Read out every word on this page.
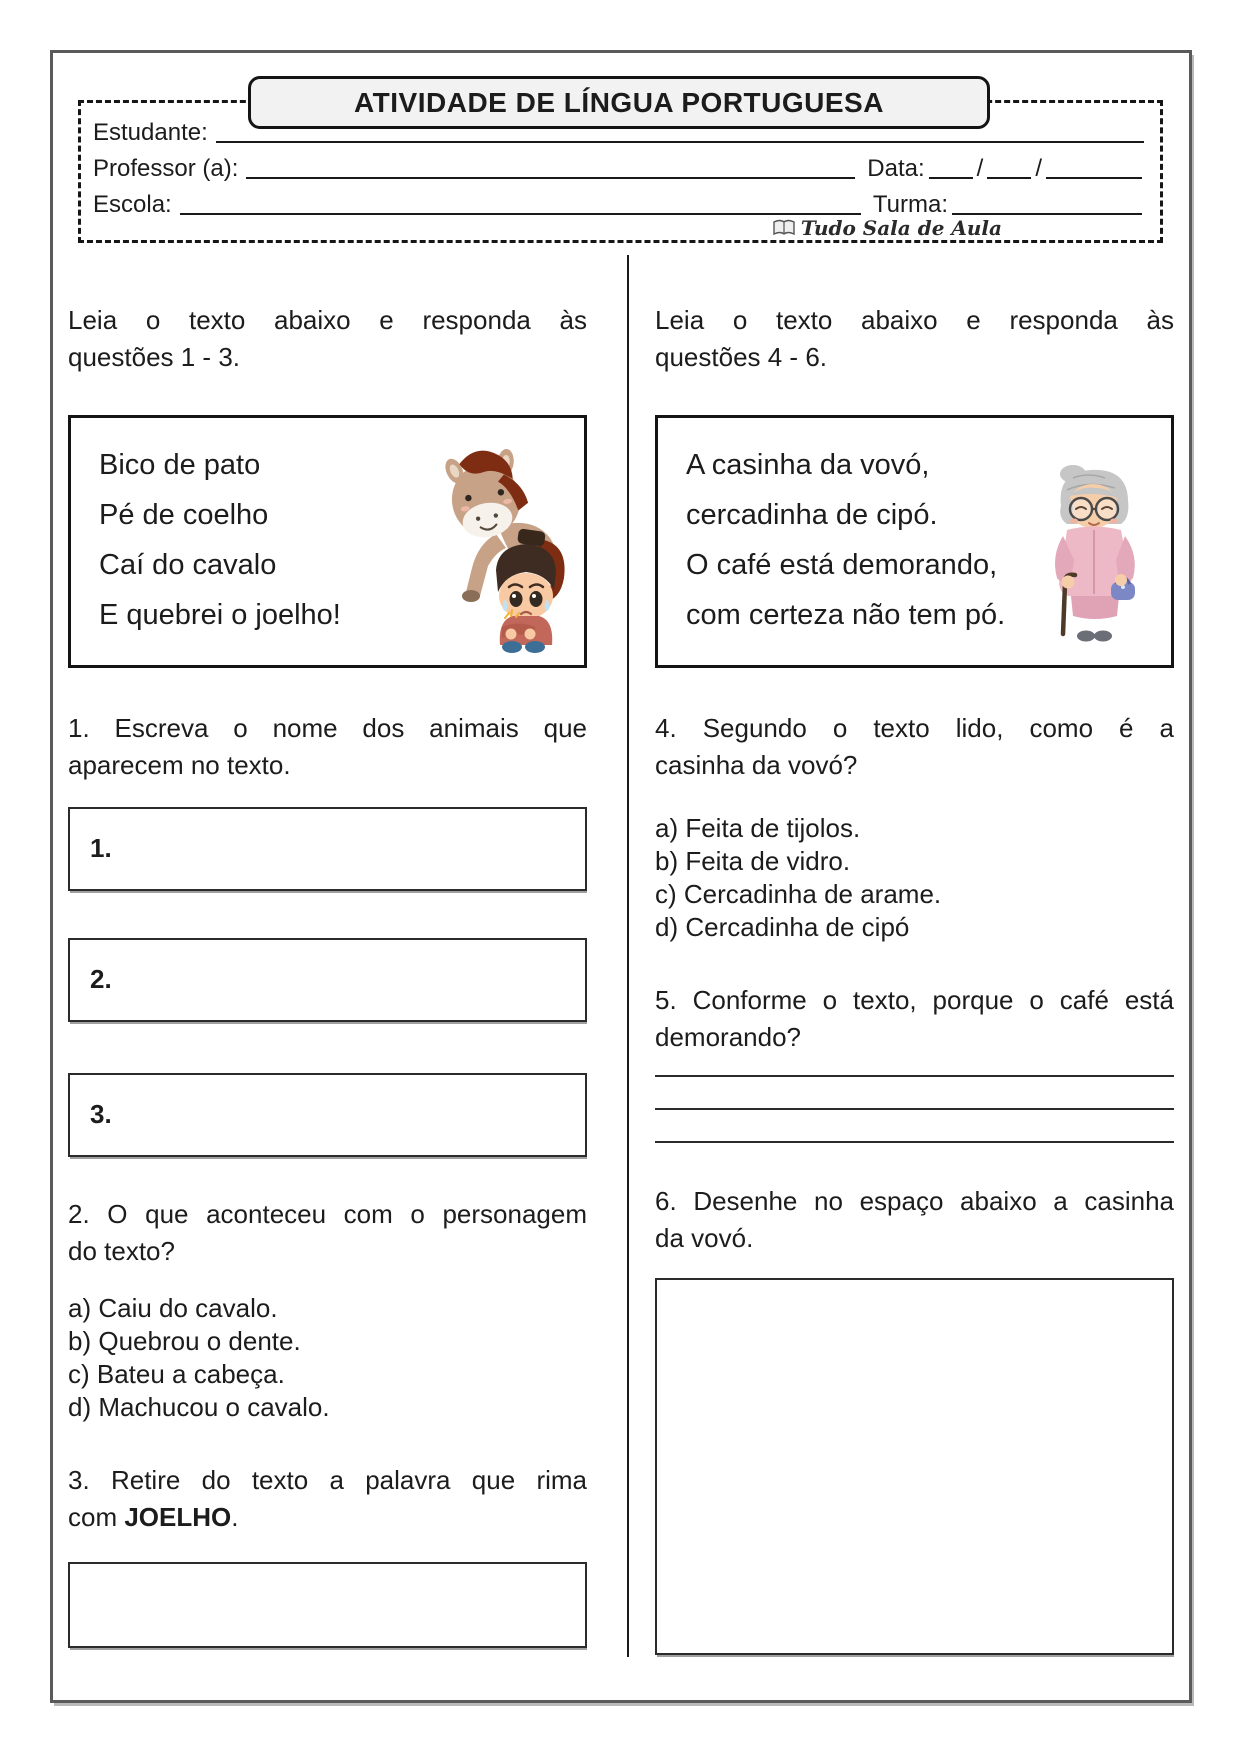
Estudante:
Professor (a):	Data: / /
Escola:	Turma:
Tudo Sala de Aula
ATIVIDADE DE LÍNGUA PORTUGUESA
Leia o texto abaixo e responda às
questões 1 - 3.
Bico de pato
Pé de coelho
Caí do cavalo
E quebrei o joelho!
1. Escreva o nome dos animais que
aparecem no texto.
1.
2.
3.
2. O que aconteceu com o personagem
do texto?
a) Caiu do cavalo.
b) Quebrou o dente.
c) Bateu a cabeça.
d) Machucou o cavalo.
3. Retire do texto a palavra que rima
com JOELHO.
Leia o texto abaixo e responda às
questões 4 - 6.
A casinha da vovó,
cercadinha de cipó.
O café está demorando,
com certeza não tem pó.
4. Segundo o texto lido, como é a
casinha da vovó?
a) Feita de tijolos.
b) Feita de vidro.
c) Cercadinha de arame.
d) Cercadinha de cipó
5. Conforme o texto, porque o café está
demorando?
6. Desenhe no espaço abaixo a casinha
da vovó.
